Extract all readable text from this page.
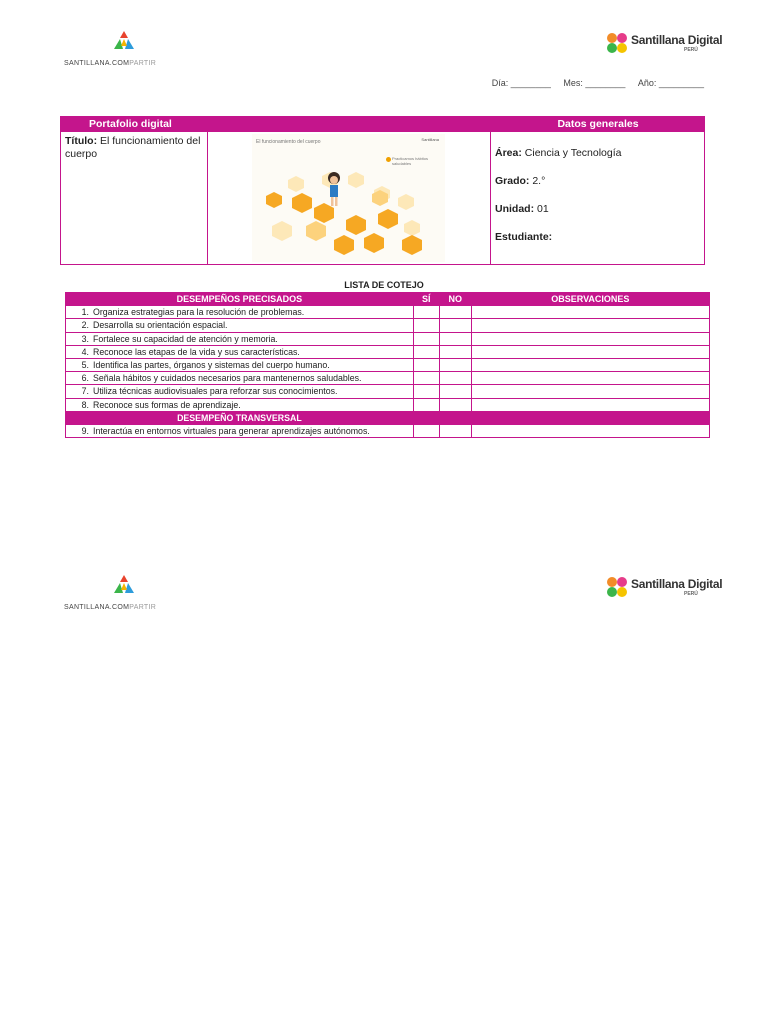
SANTILLANA.COMPARTIR
Santillana Digital
PERÚ
Día: ________ Mes: ________ Año: _________
Portafolio digital	Datos generales
Título: El funcionamiento del cuerpo
El funcionamiento del cuerpo	Santillana
Practicamos hábitos saludables
Área: Ciencia y Tecnología
Grado: 2.°
Unidad: 01
Estudiante:
LISTA DE COTEJO
DESEMPEÑOS PRECISADOS	SÍ	NO	OBSERVACIONES
1. Organiza estrategias para la resolución de problemas.			
2. Desarrolla su orientación espacial.			
3. Fortalece su capacidad de atención y memoria.			
4. Reconoce las etapas de la vida y sus características.			
5. Identifica las partes, órganos y sistemas del cuerpo humano.			
6. Señala hábitos y cuidados necesarios para mantenernos saludables.			
7. Utiliza técnicas audiovisuales para reforzar sus conocimientos.			
8. Reconoce sus formas de aprendizaje.			
DESEMPEÑO TRANSVERSAL			
9. Interactúa en entornos virtuales para generar aprendizajes autónomos.			
SANTILLANA.COMPARTIR
Santillana Digital
PERÚ
